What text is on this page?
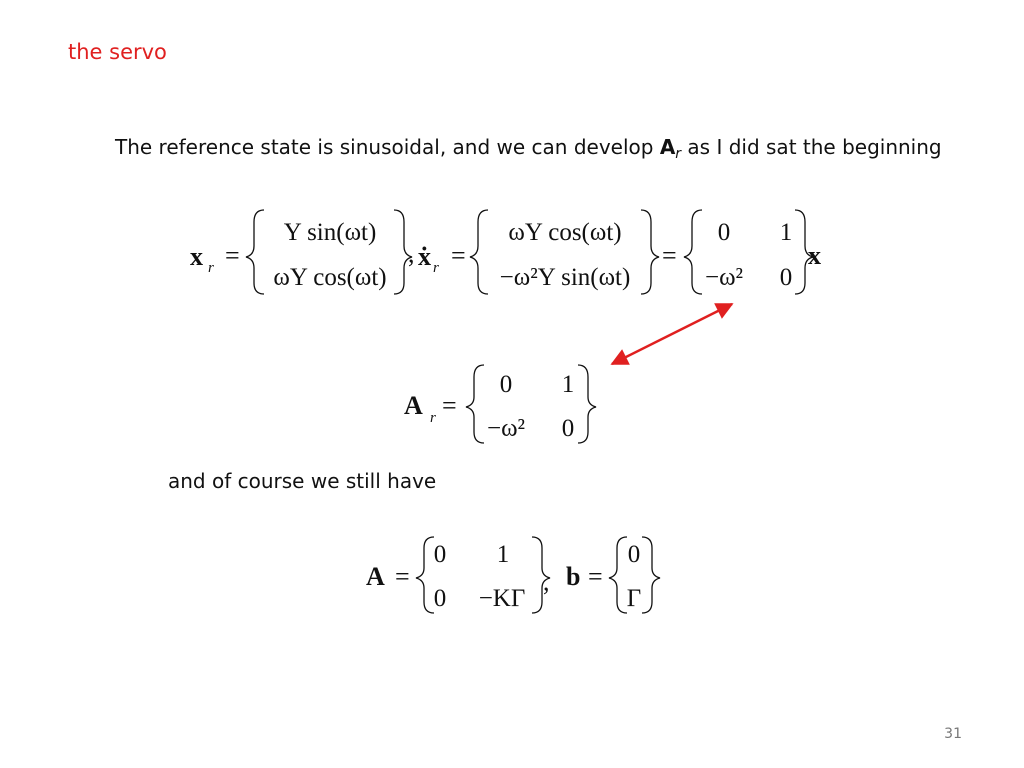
the servo
The reference state is sinusoidal, and we can develop $A_r$ as I did sat the beginning
x r =
Y sin(ωt)
ωY cos(ωt)
, ẋ r =
ωY cos(ωt)
−ω²Y sin(ωt)
=
0 1
−ω² 0
x
A r =
0 1
−ω² 0
A =
0 1
0 −KΓ
, b =
0
Γ
and of course we still have
31
